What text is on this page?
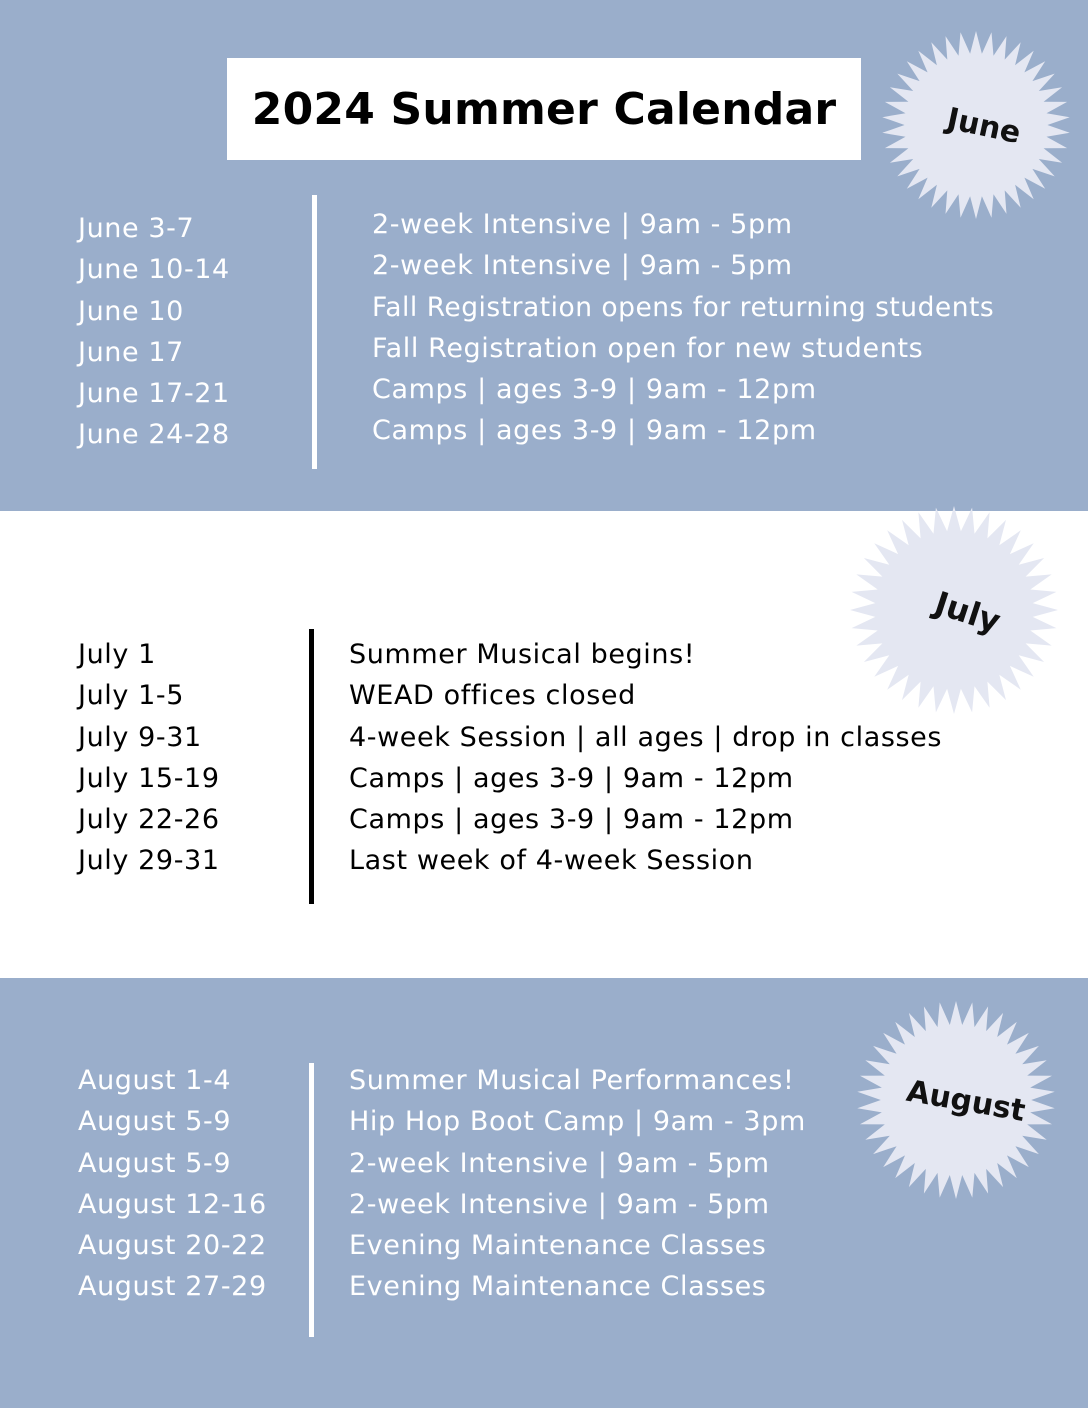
2024 Summer Calendar	June
June 3-7
June 10-14
June 10
June 17
June 17-21
June 24-28
2-week Intensive | 9am - 5pm
2-week Intensive | 9am - 5pm
Fall Registration opens for returning students
Fall Registration open for new students
Camps | ages 3-9 | 9am - 12pm
Camps | ages 3-9 | 9am - 12pm
July
July 1
July 1-5
July 9-31
July 15-19
July 22-26
July 29-31
Summer Musical begins!
WEAD offices closed
4-week Session | all ages | drop in classes
Camps | ages 3-9 | 9am - 12pm
Camps | ages 3-9 | 9am - 12pm
Last week of 4-week Session
August
August 1-4
August 5-9
August 5-9
August 12-16
August 20-22
August 27-29
Summer Musical Performances!
Hip Hop Boot Camp | 9am - 3pm
2-week Intensive | 9am - 5pm
2-week Intensive | 9am - 5pm
Evening Maintenance Classes
Evening Maintenance Classes
